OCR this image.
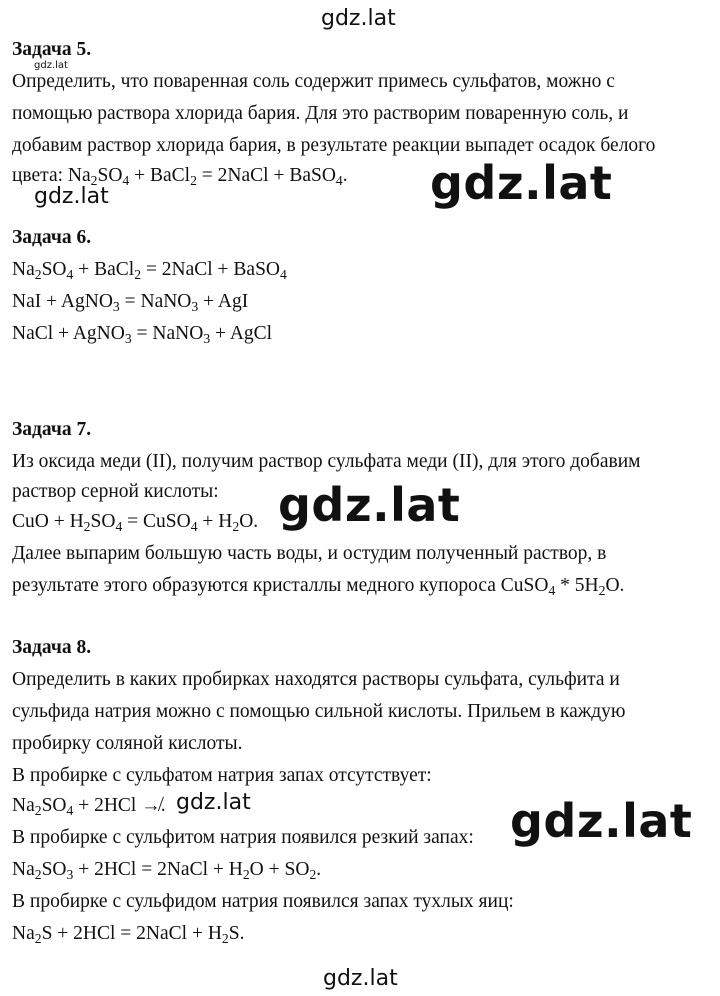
gdz.lat
gdz.lat
gdz.lat	gdz.lat
gdz.lat
gdz.lat	gdz.lat
gdz.lat
Задача 5.
Определить, что поваренная соль содержит примесь сульфатов, можно с
помощью раствора хлорида бария. Для это растворим поваренную соль, и
добавим раствор хлорида бария, в результате реакции выпадет осадок белого
цвета: $Na_2SO_4$ + BaCl$_2$ = 2NaCl + BaSO$_4$.
Задача 6.
$Na_2SO_4$ + BaCl$_2$ = 2NaCl + BaSO$_4$
NaI + AgNO$_3$ = NaNO$_3$ + AgI
NaCl + AgNO$_3$ = NaNO$_3$ + AgCl
Задача 7.
Из оксида меди (II), получим раствор сульфата меди (II), для этого добавим
раствор серной кислоты:
CuO + $H_2SO_4$ = CuSO$_4$ + $H_2O$.
Далее выпарим большую часть воды, и остудим полученный раствор, в
результате этого образуются кристаллы медного купороса CuSO$_4$ * $5H_2O$.
Задача 8.
Определить в каких пробирках находятся растворы сульфата, сульфита и
сульфида натрия можно с помощью сильной кислоты. Прильем в каждую
пробирку соляной кислоты.
В пробирке с сульфатом натрия запах отсутствует:
$Na_2SO_4 + 2HCl$ ↛.
В пробирке с сульфитом натрия появился резкий запах:
$Na_2SO_3 + 2HCl$ = 2NaCl + $H_2O + SO_2$.
В пробирке с сульфидом натрия появился запах тухлых яиц:
$Na_2S + 2HCl$ = 2NaCl + $H_2S$.
